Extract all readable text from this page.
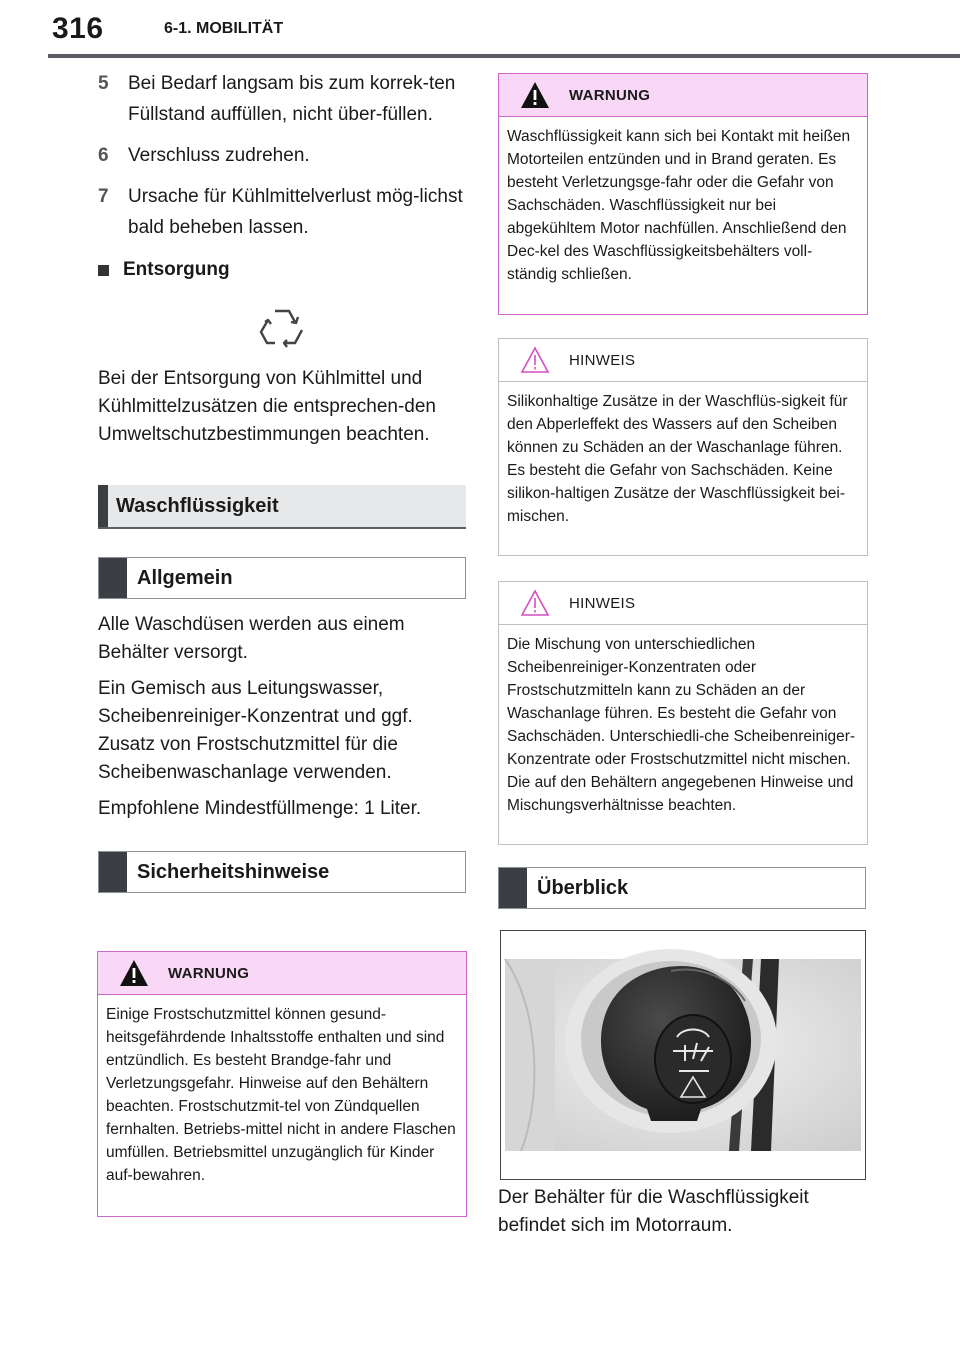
316	6-1. MOBILITÄT
5 Bei Bedarf langsam bis zum korrek-ten Füllstand auffüllen, nicht über-füllen.
6 Verschluss zudrehen.
7 Ursache für Kühlmittelverlust mög-lichst bald beheben lassen.
Entsorgung

Bei der Entsorgung von Kühlmittel und Kühlmittelzusätzen die entsprechen-den Umweltschutzbestimmungen beachten.

Waschflüssigkeit
Allgemein

Alle Waschdüsen werden aus einem Behälter versorgt.

Ein Gemisch aus Leitungswasser, Scheibenreiniger-Konzentrat und ggf. Zusatz von Frostschutzmittel für die Scheibenwaschanlage verwenden.

Empfohlene Mindestfüllmenge: 1 Liter.

Sicherheitshinweise
WARNUNG
Einige Frostschutzmittel können gesund-heitsgefährdende Inhaltsstoffe enthalten und sind entzündlich. Es besteht Brandge-fahr und Verletzungsgefahr. Hinweise auf den Behältern beachten. Frostschutzmit-tel von Zündquellen fernhalten. Betriebs-mittel nicht in andere Flaschen umfüllen. Betriebsmittel unzugänglich für Kinder auf-bewahren.
WARNUNG
Waschflüssigkeit kann sich bei Kontakt mit heißen Motorteilen entzünden und in Brand geraten. Es besteht Verletzungsge-fahr oder die Gefahr von Sachschäden. Waschflüssigkeit nur bei abgekühltem Motor nachfüllen. Anschließend den Dec-kel des Waschflüssigkeitsbehälters voll-ständig schließen.
HINWEIS
Silikonhaltige Zusätze in der Waschflüs-sigkeit für den Abperleffekt des Wassers auf den Scheiben können zu Schäden an der Waschanlage führen. Es besteht die Gefahr von Sachschäden. Keine silikon-haltigen Zusätze der Waschflüssigkeit bei-mischen.
HINWEIS
Die Mischung von unterschiedlichen Scheibenreiniger-Konzentraten oder Frostschutzmitteln kann zu Schäden an der Waschanlage führen. Es besteht die Gefahr von Sachschäden. Unterschiedli-che Scheibenreiniger-Konzentrate oder Frostschutzmittel nicht mischen. Die auf den Behältern angegebenen Hinweise und Mischungsverhältnisse beachten.
Überblick
Der Behälter für die Waschflüssigkeit befindet sich im Motorraum.
